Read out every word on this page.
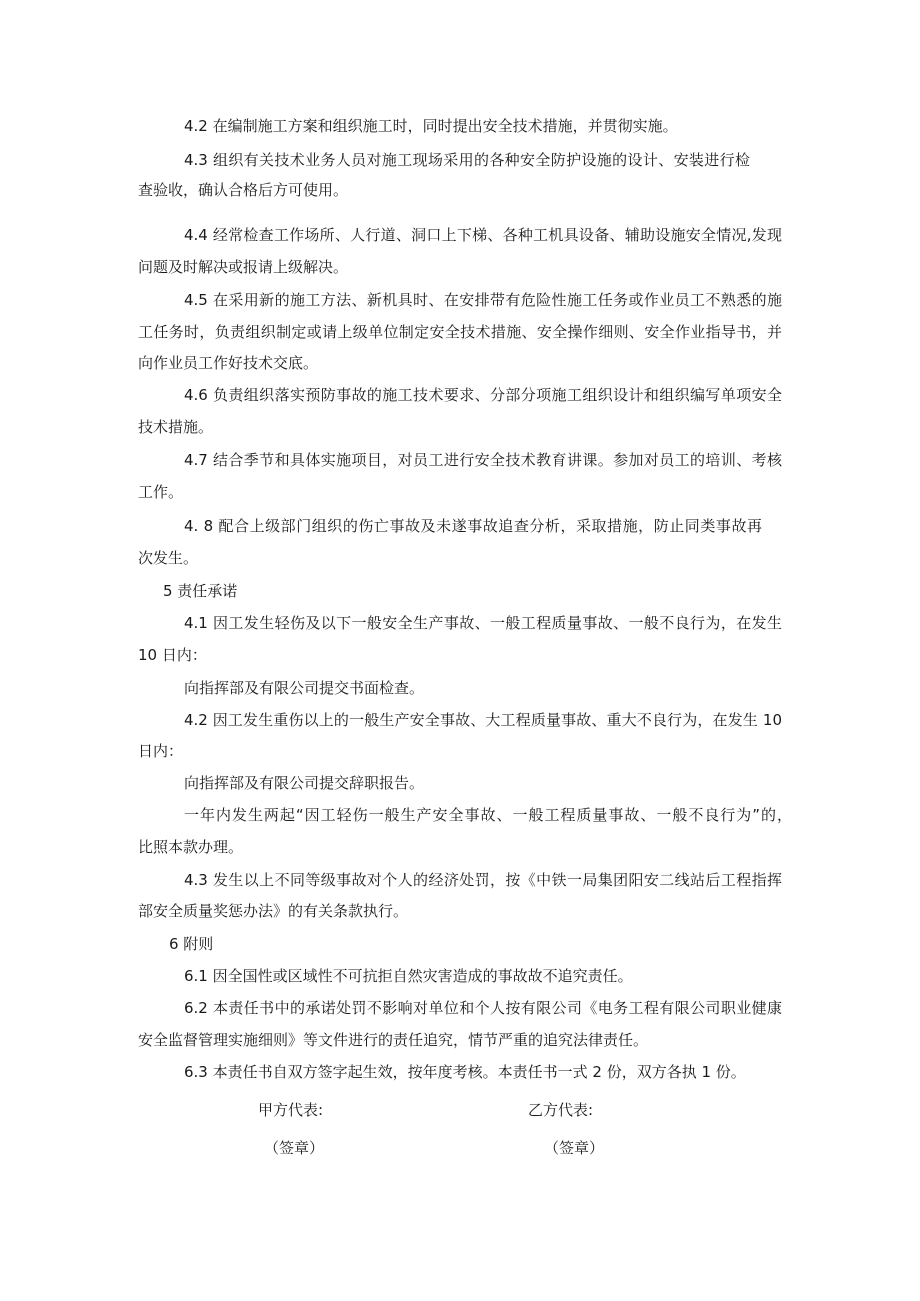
4.2 在编制施工方案和组织施工时，同时提出安全技术措施，并贯彻实施。
4.3 组织有关技术业务人员对施工现场采用的各种安全防护设施的设计、安装进行检
查验收，确认合格后方可使用。
4.4 经常检查工作场所、人行道、洞口上下梯、各种工机具设备、辅助设施安全情况,发现
问题及时解决或报请上级解决。
4.5 在采用新的施工方法、新机具时、在安排带有危险性施工任务或作业员工不熟悉的施
工任务时，负责组织制定或请上级单位制定安全技术措施、安全操作细则、安全作业指导书，并
向作业员工作好技术交底。
4.6 负责组织落实预防事故的施工技术要求、分部分项施工组织设计和组织编写单项安全
技术措施。
4.7 结合季节和具体实施项目，对员工进行安全技术教育讲课。参加对员工的培训、考核
工作。
4. 8 配合上级部门组织的伤亡事故及未遂事故追查分析，采取措施，防止同类事故再
次发生。
5 责任承诺
4.1 因工发生轻伤及以下一般安全生产事故、一般工程质量事故、一般不良行为，在发生
10 日内：
向指挥部及有限公司提交书面检查。
4.2 因工发生重伤以上的一般生产安全事故、大工程质量事故、重大不良行为，在发生 10
日内：
向指挥部及有限公司提交辞职报告。
一年内发生两起“因工轻伤一般生产安全事故、一般工程质量事故、一般不良行为”的，
比照本款办理。
4.3 发生以上不同等级事故对个人的经济处罚，按《中铁一局集团阳安二线站后工程指挥
部安全质量奖惩办法》的有关条款执行。
6 附则
6.1 因全国性或区域性不可抗拒自然灾害造成的事故故不追究责任。
6.2 本责任书中的承诺处罚不影响对单位和个人按有限公司《电务工程有限公司职业健康
安全监督管理实施细则》等文件进行的责任追究，情节严重的追究法律责任。
6.3 本责任书自双方签字起生效，按年度考核。本责任书一式 2 份，双方各执 1 份。
甲方代表:	乙方代表:
（签章）	（签章）
